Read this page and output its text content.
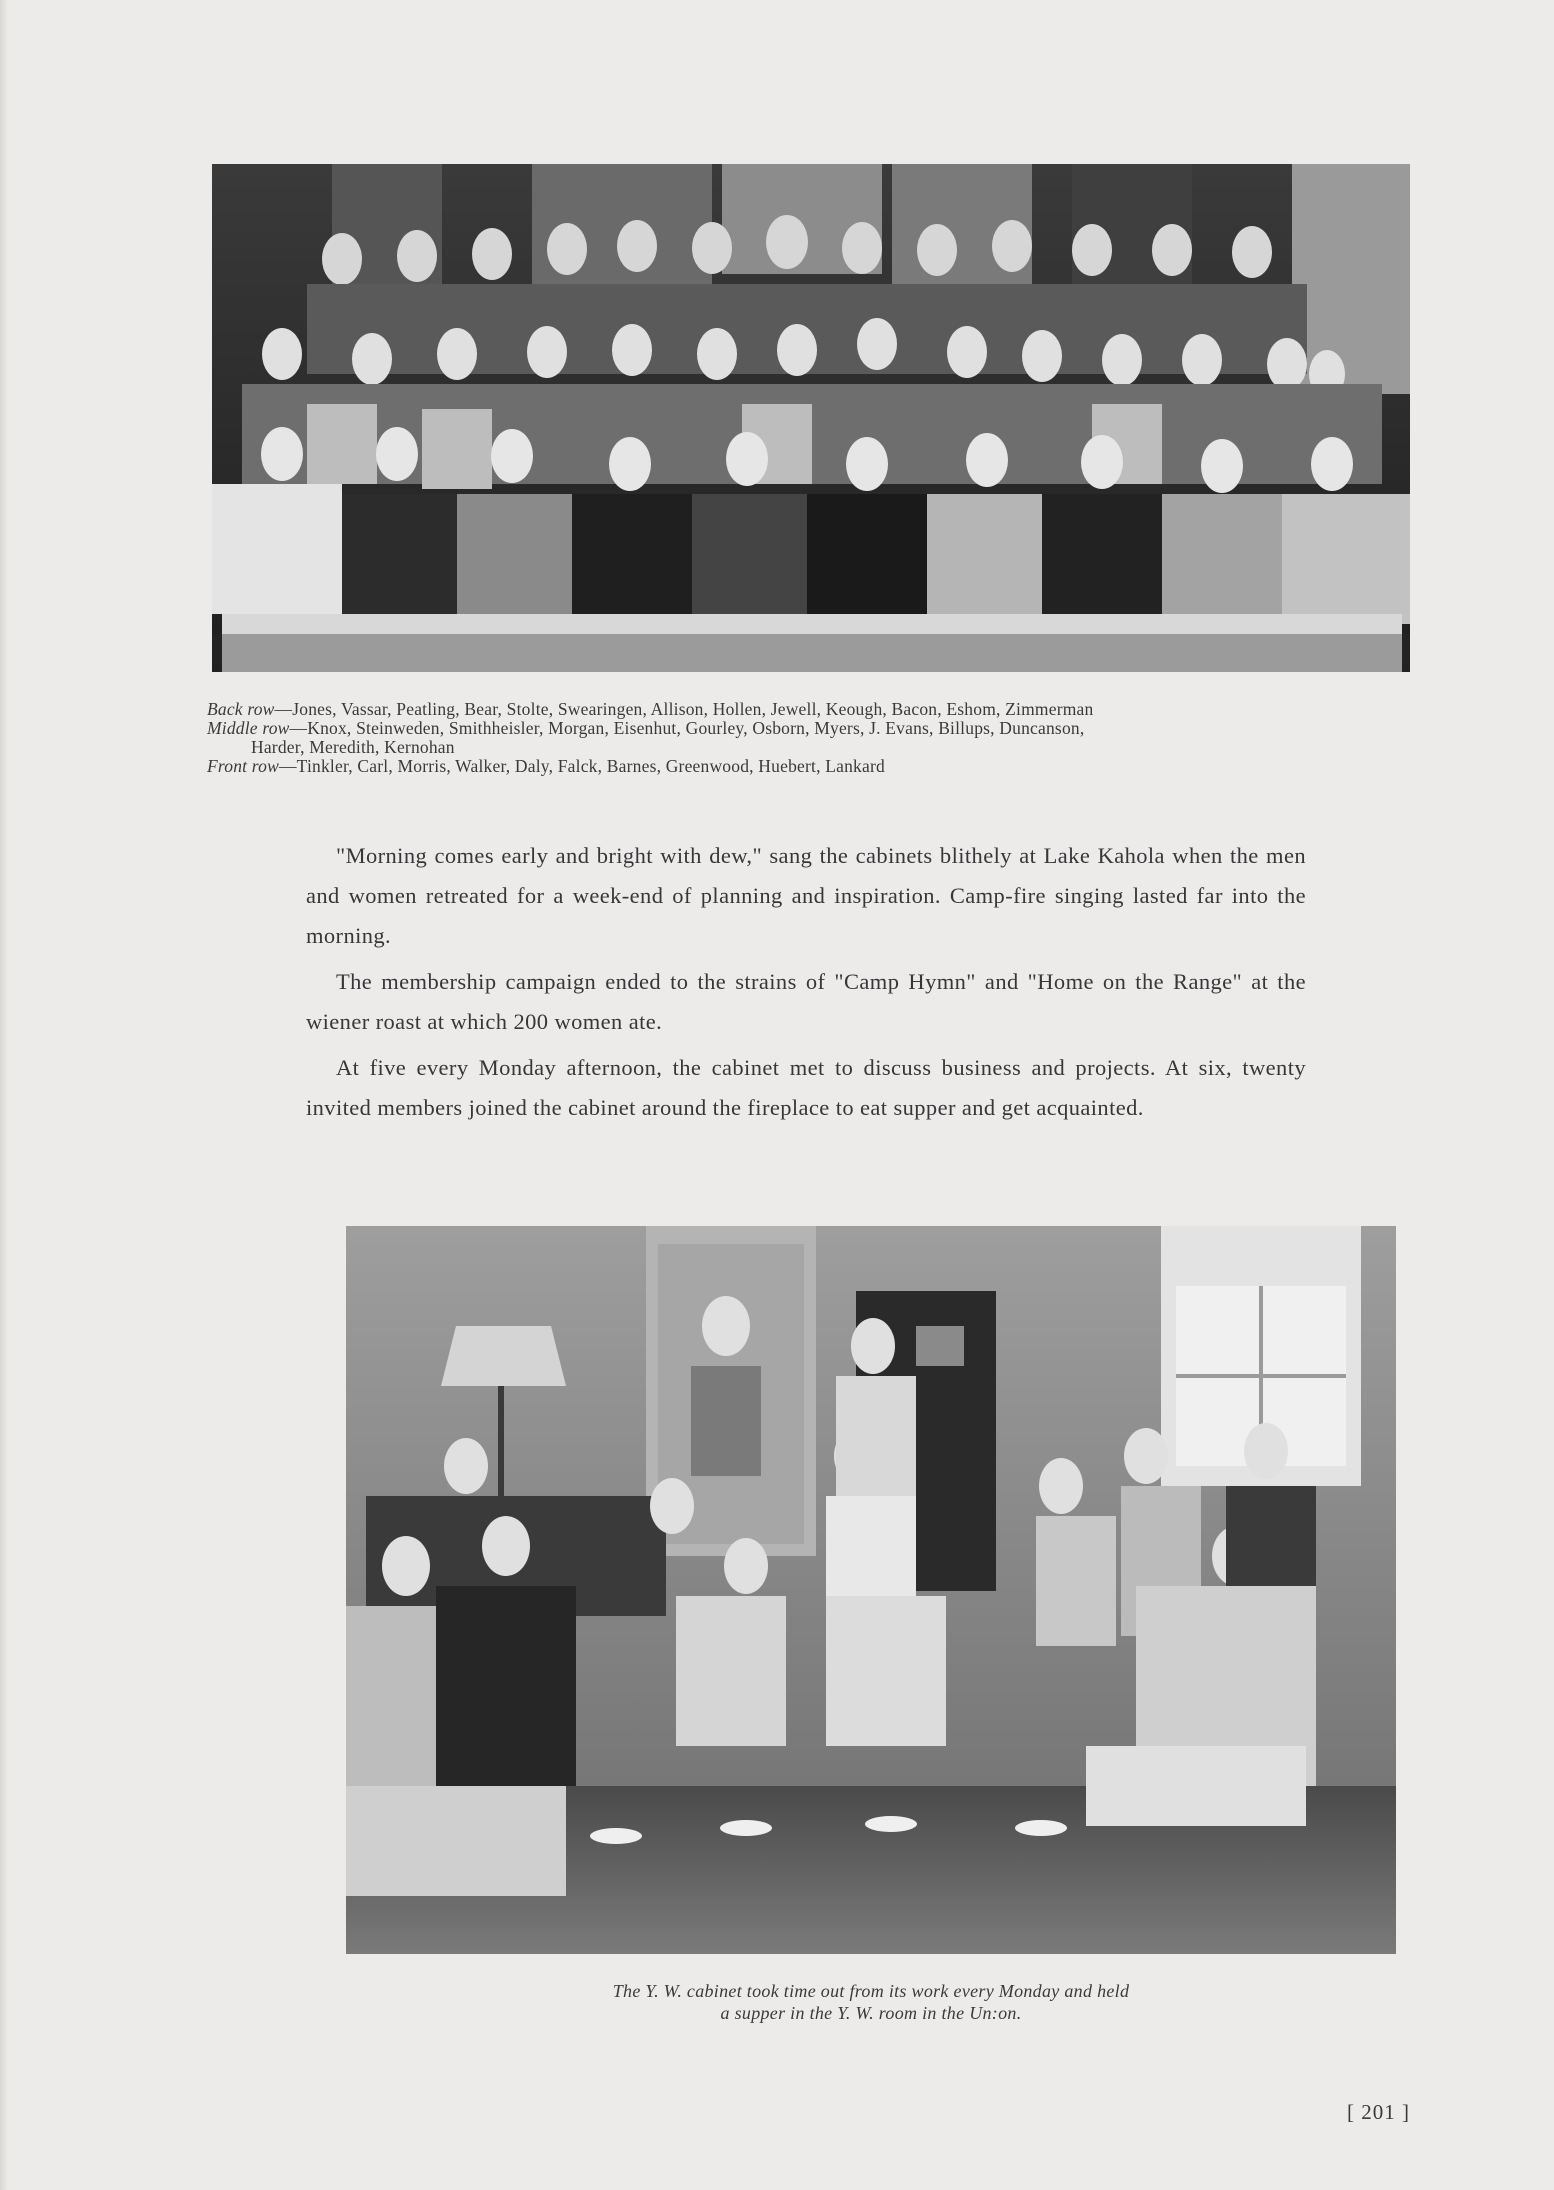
Back row—Jones, Vassar, Peatling, Bear, Stolte, Swearingen, Allison, Hollen, Jewell, Keough, Bacon, Eshom, Zimmerman

Middle row—Knox, Steinweden, Smithheisler, Morgan, Eisenhut, Gourley, Osborn, Myers, J. Evans, Billups, Duncanson,

Harder, Meredith, Kernohan

Front row—Tinkler, Carl, Morris, Walker, Daly, Falck, Barnes, Greenwood, Huebert, Lankard

"Morning comes early and bright with dew," sang the cabinets blithely at Lake Kahola when the men and women retreated for a week-end of planning and inspiration. Camp-fire singing lasted far into the morning.

The membership campaign ended to the strains of "Camp Hymn" and "Home on the Range" at the wiener roast at which 200 women ate.

At five every Monday afternoon, the cabinet met to discuss business and projects. At six, twenty invited members joined the cabinet around the fireplace to eat supper and get acquainted.

The Y. W. cabinet took time out from its work every Monday and held

a supper in the Y. W. room in the Un:on.

[ 201 ]
